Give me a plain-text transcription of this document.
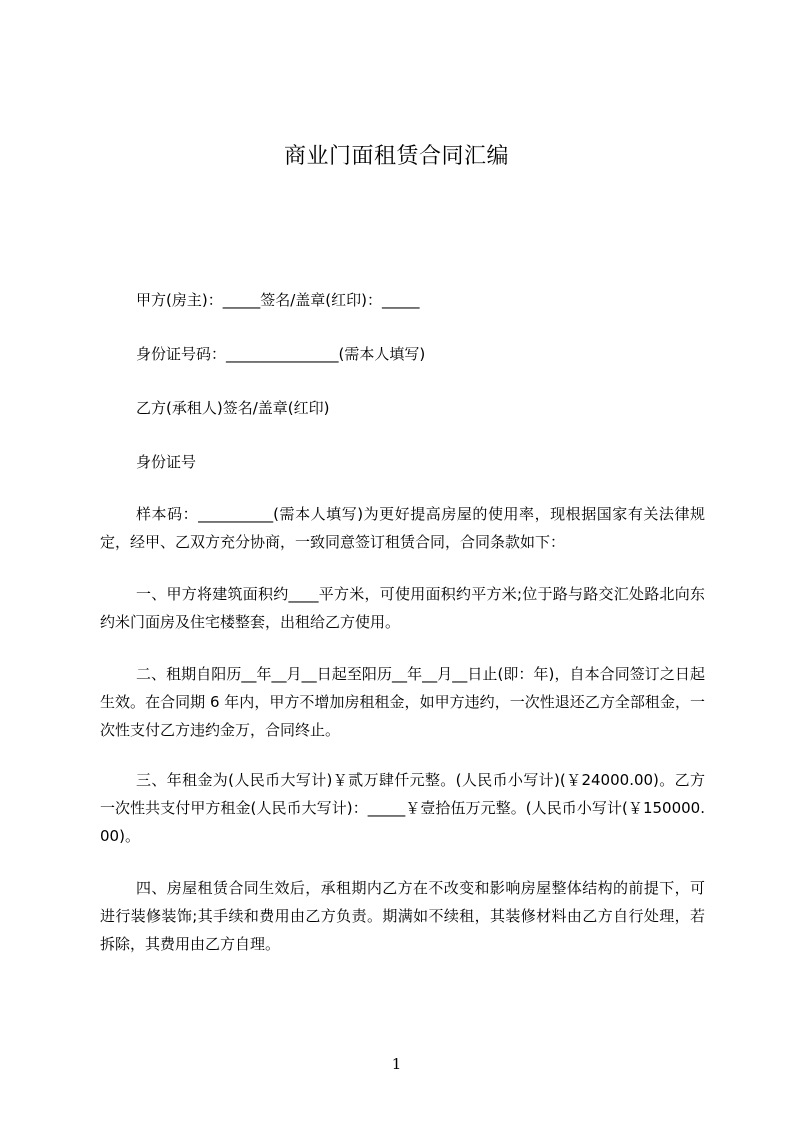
商业门面租赁合同汇编
甲方(房主)：_____签名/盖章(红印)：_____
身份证号码：_______________(需本人填写)
乙方(承租人)签名/盖章(红印)
身份证号
样本码：__________(需本人填写)为更好提高房屋的使用率，现根据国家有关法律规定，经甲、乙双方充分协商，一致同意签订租赁合同，合同条款如下：
一、甲方将建筑面积约____平方米，可使用面积约平方米;位于路与路交汇处路北向东约米门面房及住宅楼整套，出租给乙方使用。
二、租期自阳历__年__月__日起至阳历__年__月__日止(即：年)，自本合同签订之日起生效。在合同期 6 年内，甲方不增加房租租金，如甲方违约，一次性退还乙方全部租金，一次性支付乙方违约金万，合同终止。
三、年租金为(人民币大写计)￥贰万肆仟元整。(人民币小写计)(￥24000.00)。乙方一次性共支付甲方租金(人民币大写计)：_____￥壹拾伍万元整。(人民币小写计(￥150000.00)。
四、房屋租赁合同生效后，承租期内乙方在不改变和影响房屋整体结构的前提下，可进行装修装饰;其手续和费用由乙方负责。期满如不续租，其装修材料由乙方自行处理，若拆除，其费用由乙方自理。
1
